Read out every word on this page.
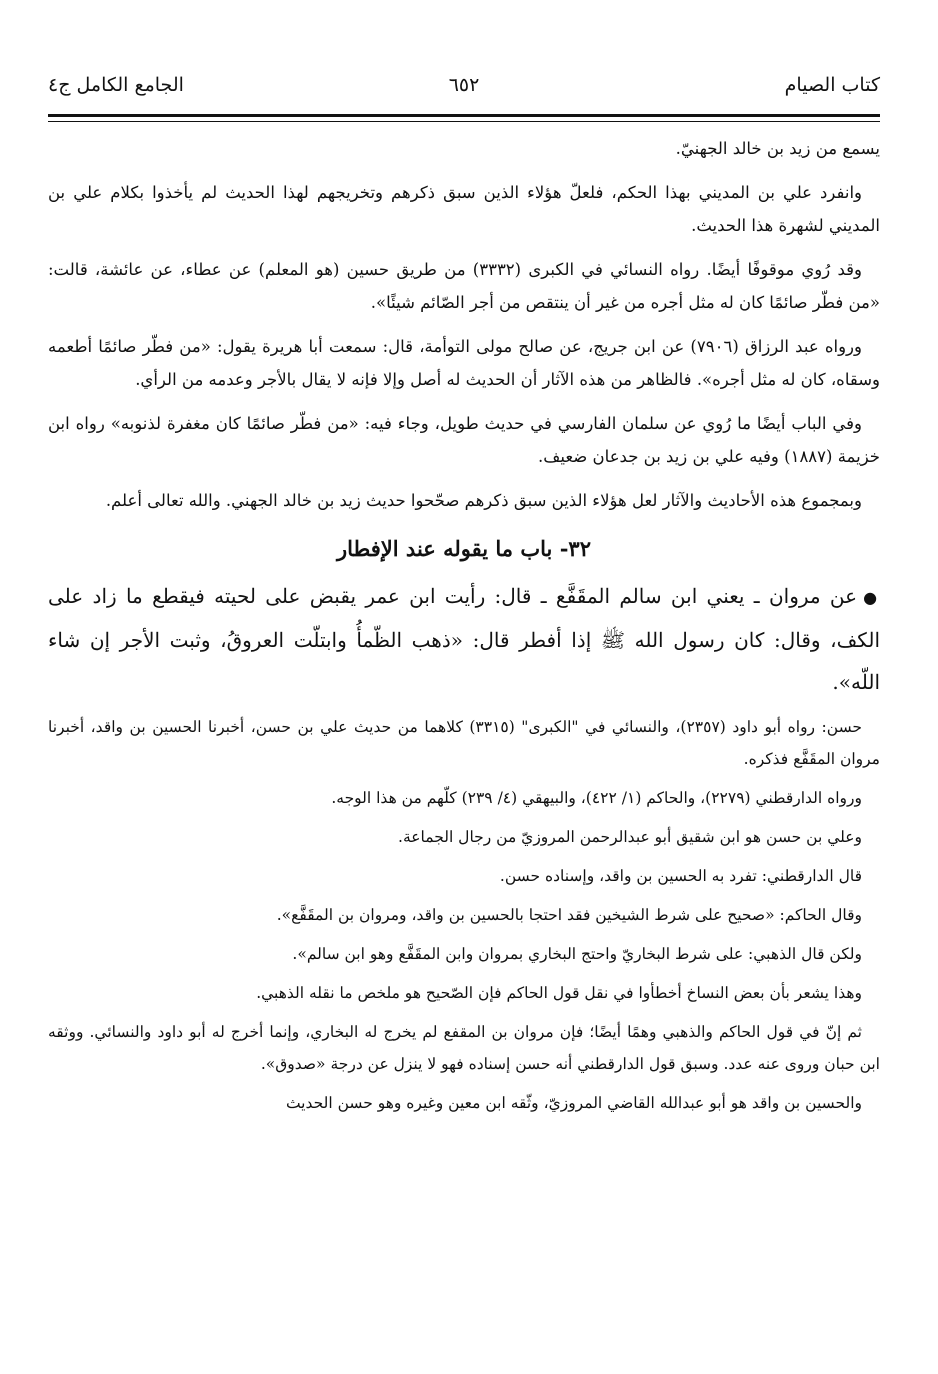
كتاب الصيام
٦٥٢
الجامع الكامل ج٤

يسمع من زيد بن خالد الجهنيّ.

وانفرد علي بن المديني بهذا الحكم، فلعلّ هؤلاء الذين سبق ذكرهم وتخريجهم لهذا الحديث لم يأخذوا بكلام علي بن المديني لشهرة هذا الحديث.

وقد رُوي موقوفًا أيضًا. رواه النسائي في الكبرى (٣٣٣٢) من طريق حسين (هو المعلم) عن عطاء، عن عائشة، قالت: «من فطّر صائمًا كان له مثل أجره من غير أن ينتقص من أجر الصّائم شيئًا».

ورواه عبد الرزاق (٧٩٠٦) عن ابن جريج، عن صالح مولى التوأمة، قال: سمعت أبا هريرة يقول: «من فطّر صائمًا أطعمه وسقاه، كان له مثل أجره». فالظاهر من هذه الآثار أن الحديث له أصل وإلا فإنه لا يقال بالأجر وعدمه من الرأي.

وفي الباب أيضًا ما رُوي عن سلمان الفارسي في حديث طويل، وجاء فيه: «من فطّر صائمًا كان مغفرة لذنوبه» رواه ابن خزيمة (١٨٨٧) وفيه علي بن زيد بن جدعان ضعيف.

وبمجموع هذه الأحاديث والآثار لعل هؤلاء الذين سبق ذكرهم صحّحوا حديث زيد بن خالد الجهني. والله تعالى أعلم.

٣٢- باب ما يقوله عند الإفطار

●عن مروان ـ يعني ابن سالم المقَفَّع ـ قال: رأيت ابن عمر يقبض على لحيته فيقطع ما زاد على الكف، وقال: كان رسول الله ﷺ إذا أفطر قال: «ذهب الظّمأُ وابتلّت العروقُ، وثبت الأجر إن شاء اللّه».

حسن: رواه أبو داود (٢٣٥٧)، والنسائي في "الكبرى" (٣٣١٥) كلاهما من حديث علي بن حسن، أخبرنا الحسين بن واقد، أخبرنا مروان المقَفَّع فذكره.

ورواه الدارقطني (٢٢٧٩)، والحاكم (١/ ٤٢٢)، والبيهقي (٤/ ٢٣٩) كلّهم من هذا الوجه.

وعلي بن حسن هو ابن شقيق أبو عبدالرحمن المروزيّ من رجال الجماعة.

قال الدارقطني: تفرد به الحسين بن واقد، وإسناده حسن.

وقال الحاكم: «صحيح على شرط الشيخين فقد احتجا بالحسين بن واقد، ومروان بن المقَفَّع».

ولكن قال الذهبي: على شرط البخاريّ واحتج البخاري بمروان وابن المقَفَّع وهو ابن سالم».

وهذا يشعر بأن بعض النساخ أخطأوا في نقل قول الحاكم فإن الصّحيح هو ملخص ما نقله الذهبي.

ثم إنّ في قول الحاكم والذهبي وهمًا أيضًا؛ فإن مروان بن المقفع لم يخرج له البخاري، وإنما أخرج له أبو داود والنسائي. ووثقه ابن حبان وروى عنه عدد. وسبق قول الدارقطني أنه حسن إسناده فهو لا ينزل عن درجة «صدوق».

والحسين بن واقد هو أبو عبدالله القاضي المروزيّ، وثّقه ابن معين وغيره وهو حسن الحديث
